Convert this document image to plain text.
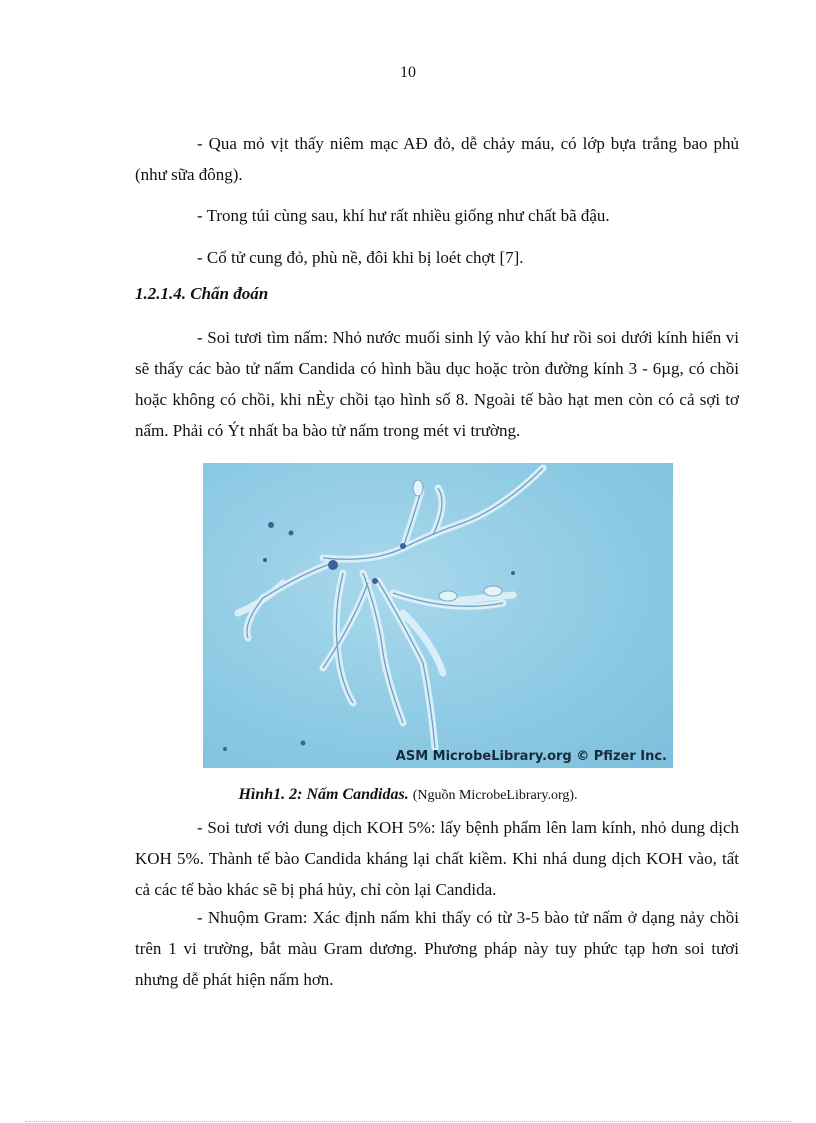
10

- Qua mỏ vịt thấy niêm mạc AĐ đỏ, dễ chảy máu, có lớp bựa trắng bao phủ (như sữa đông).

- Trong túi cùng sau, khí hư rất nhiều giống như chất bã đậu.

- Cổ tử cung đỏ, phù nề, đôi khi bị loét chợt [7].

1.2.1.4. Chẩn đoán

- Soi tươi tìm nấm: Nhỏ nước muối sinh lý vào khí hư rồi soi dưới kính hiển vi sẽ thấy các bào tử nấm Candida có hình bầu dục hoặc tròn đường kính 3 - 6µg, có chồi hoặc không có chồi, khi nÈy chồi tạo hình số 8. Ngoài tế bào hạt men còn có cả sợi tơ nấm. Phải có Ýt nhất ba bào tử nấm trong mét vi trường.

ASM MicrobeLibrary.org © Pfizer Inc.
Hình1. 2: Nấm Candidas. (Nguồn MicrobeLibrary.org).

- Soi tươi với dung dịch KOH 5%: lấy bệnh phẩm lên lam kính, nhỏ dung dịch KOH 5%. Thành tế bào Candida kháng lại chất kiềm. Khi nhá dung dịch KOH vào, tất cả các tế bào khác sẽ bị phá hủy, chỉ còn lại Candida.

- Nhuộm Gram: Xác định nấm khi thấy có từ 3-5 bào tử nấm ở dạng nảy chồi trên 1 vi trường, bắt màu Gram dương. Phương pháp này tuy phức tạp hơn soi tươi nhưng dễ phát hiện nấm hơn.
